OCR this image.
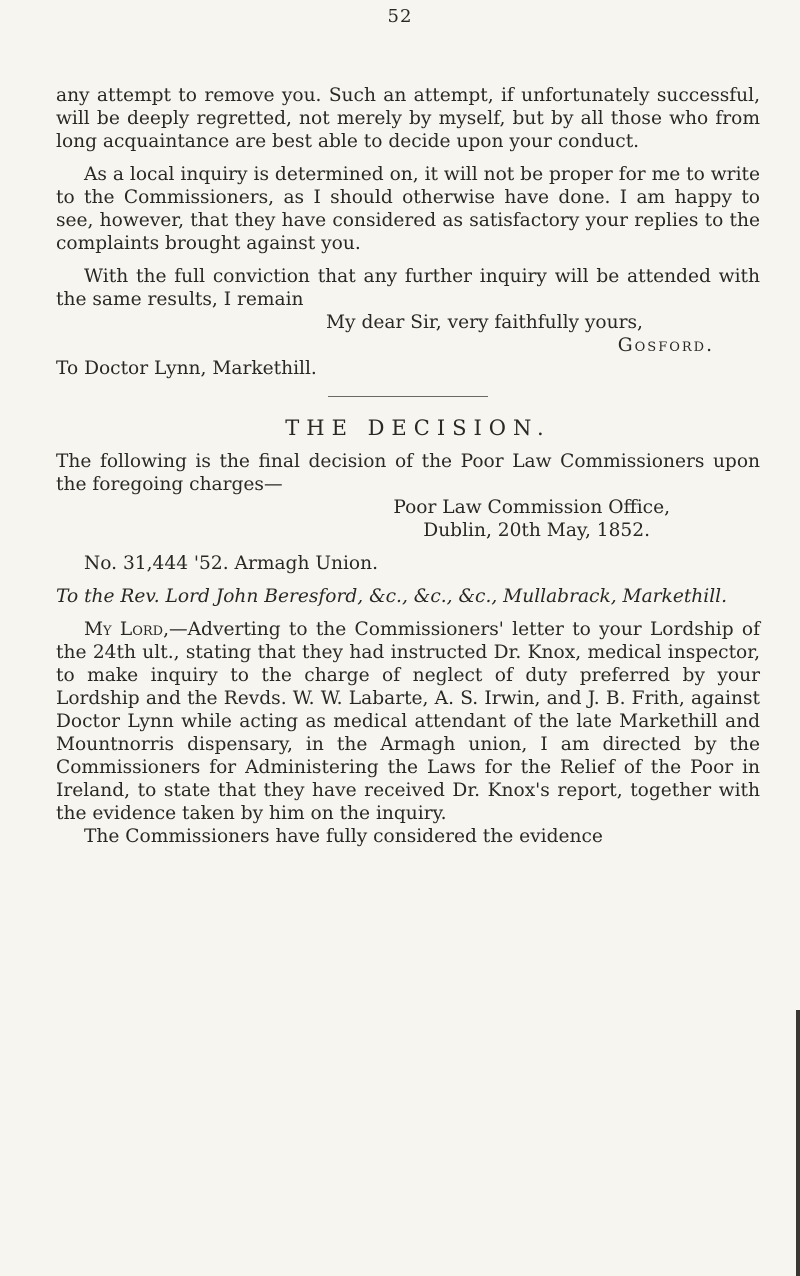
52

any attempt to remove you. Such an attempt, if unfortunately successful, will be deeply regretted, not merely by myself, but by all those who from long acquaintance are best able to decide upon your conduct.

As a local inquiry is determined on, it will not be proper for me to write to the Commissioners, as I should otherwise have done. I am happy to see, however, that they have considered as satisfactory your replies to the complaints brought against you.

With the full conviction that any further inquiry will be attended with the same results, I remain

My dear Sir, very faithfully yours,

Gosford.

To Doctor Lynn, Markethill.

THE DECISION.

The following is the final decision of the Poor Law Commissioners upon the foregoing charges—

Poor Law Commission Office,

Dublin, 20th May, 1852.

No. 31,444 '52. Armagh Union.

To the Rev. Lord John Beresford, &c., &c., &c., Mullabrack, Markethill.

My Lord,—Adverting to the Commissioners' letter to your Lordship of the 24th ult., stating that they had instructed Dr. Knox, medical inspector, to make inquiry to the charge of neglect of duty preferred by your Lordship and the Revds. W. W. Labarte, A. S. Irwin, and J. B. Frith, against Doctor Lynn while acting as medical attendant of the late Markethill and Mountnorris dispensary, in the Armagh union, I am directed by the Commissioners for Administering the Laws for the Relief of the Poor in Ireland, to state that they have received Dr. Knox's report, together with the evidence taken by him on the inquiry.

The Commissioners have fully considered the evidence
